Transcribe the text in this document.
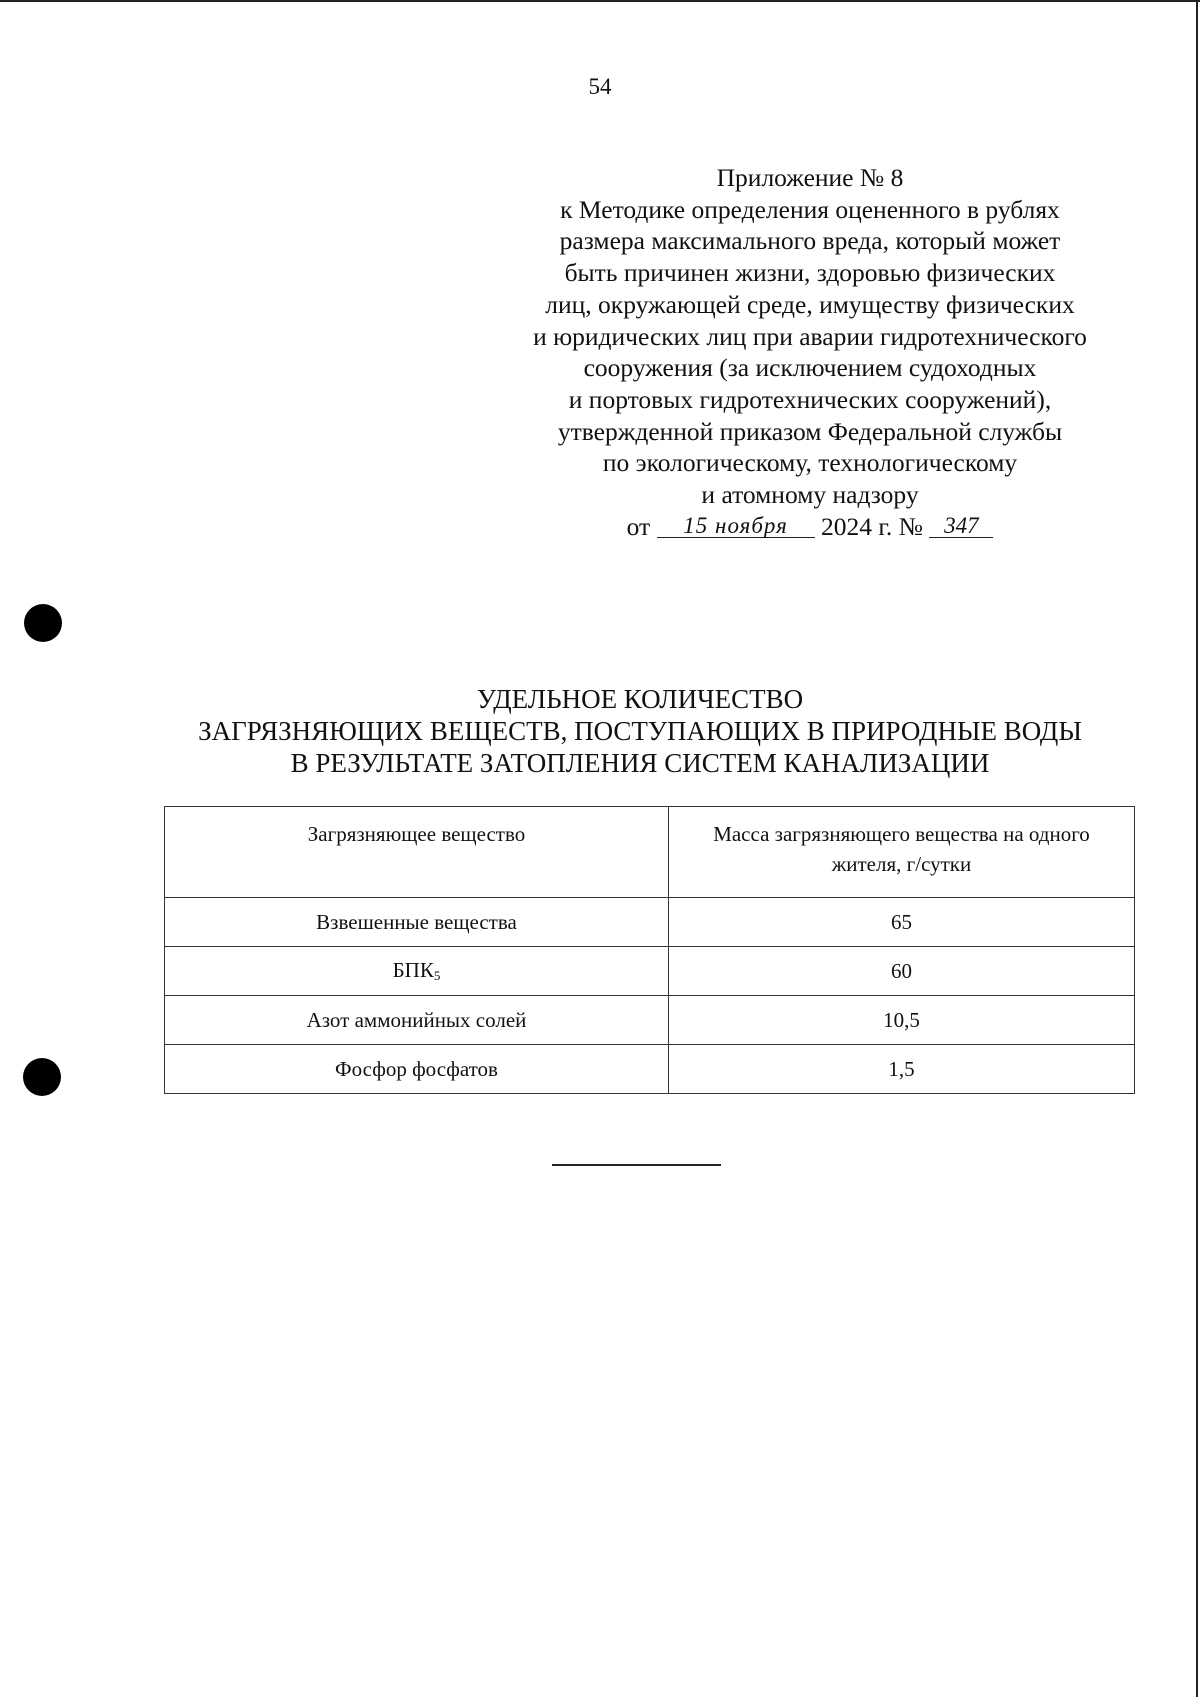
54
Приложение № 8
к Методике определения оцененного в рублях
размера максимального вреда, который может
быть причинен жизни, здоровью физических
лиц, окружающей среде, имуществу физических
и юридических лиц при аварии гидротехнического
сооружения (за исключением судоходных
и портовых гидротехнических сооружений),
утвержденной приказом Федеральной службы
по экологическому, технологическому
и атомному надзору
от 15 ноября 2024 г. № 347
УДЕЛЬНОЕ КОЛИЧЕСТВО
ЗАГРЯЗНЯЮЩИХ ВЕЩЕСТВ, ПОСТУПАЮЩИХ В ПРИРОДНЫЕ ВОДЫ
В РЕЗУЛЬТАТЕ ЗАТОПЛЕНИЯ СИСТЕМ КАНАЛИЗАЦИИ
Загрязняющее вещество	Масса загрязняющего вещества на одного жителя, г/сутки
Взвешенные вещества	65
$БПК_5$	60
Азот аммонийных солей	10,5
Фосфор фосфатов	1,5
